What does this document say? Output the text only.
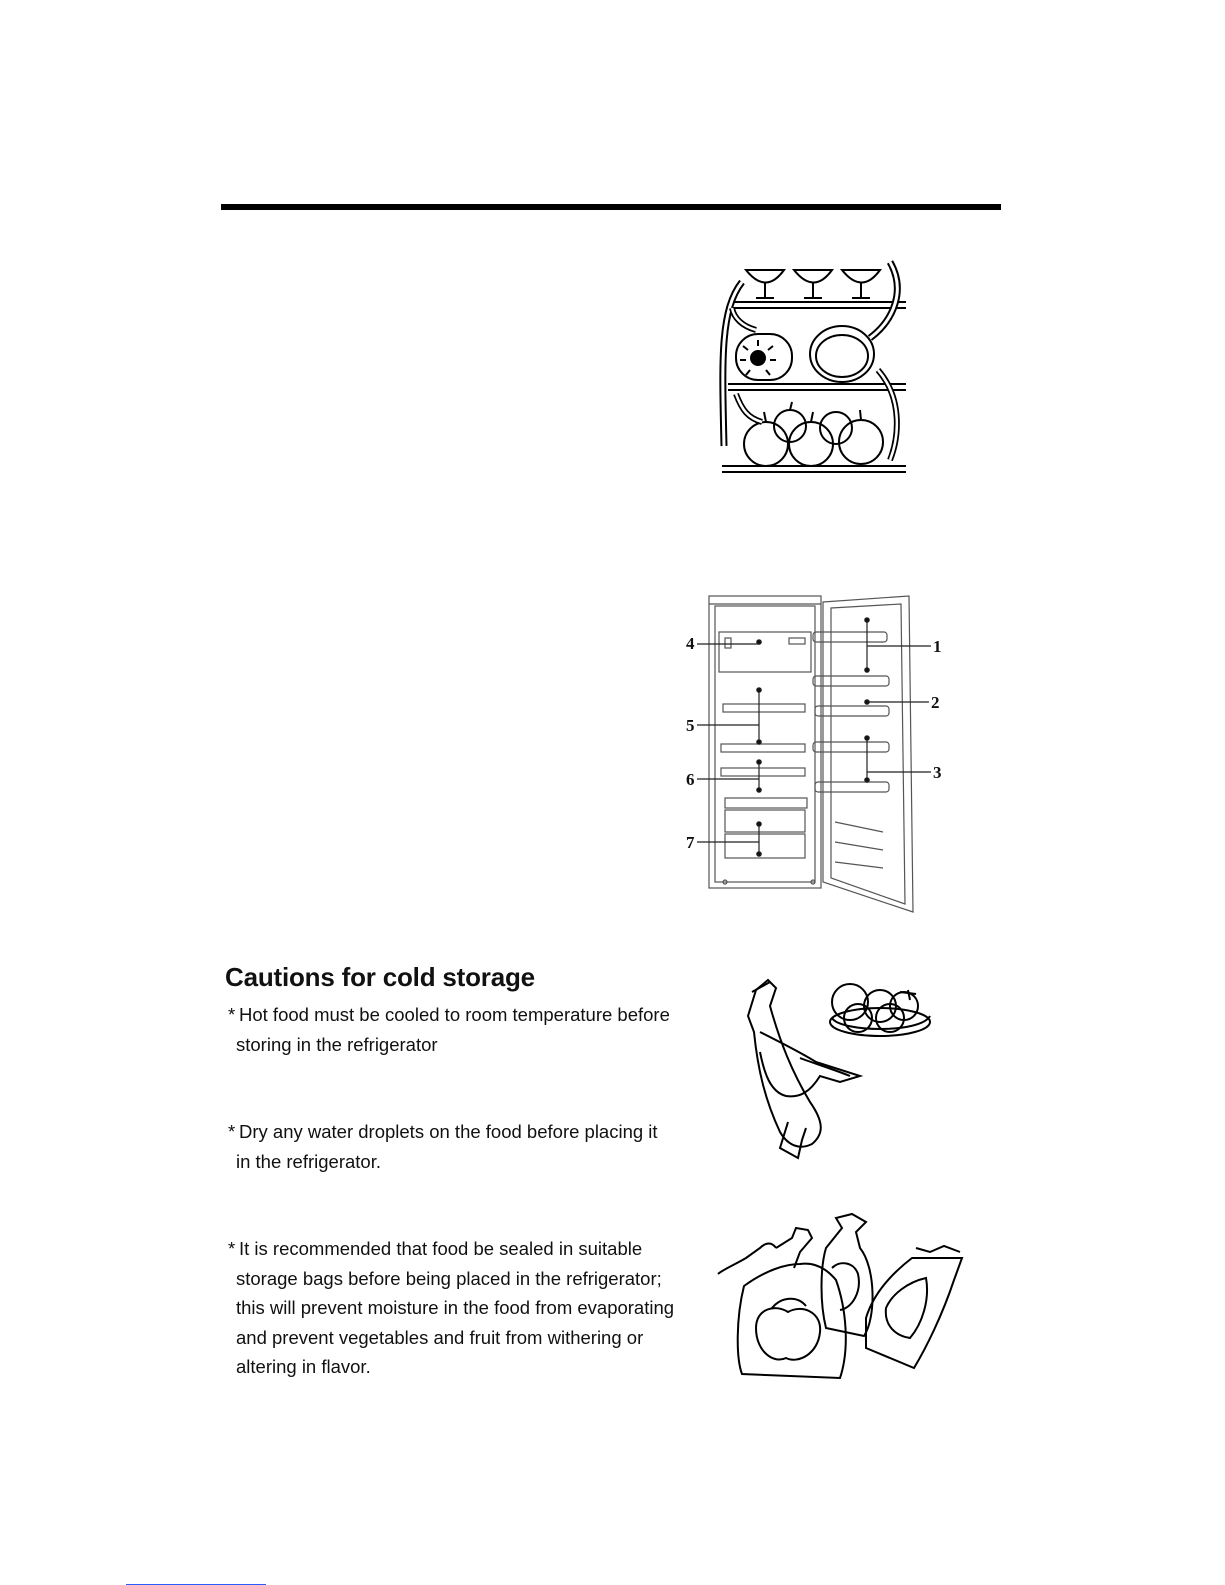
1
2
3
4
5
6
7
Cautions for cold storage
* Hot food must be cooled to room temperature before
storing in the refrigerator
* Dry any water droplets on the food before placing it
in the refrigerator.
* It is recommended that food be sealed in suitable
storage bags before being placed in the refrigerator;
this will prevent moisture in the food from evaporating
and prevent vegetables and fruit from withering or
altering in flavor.
